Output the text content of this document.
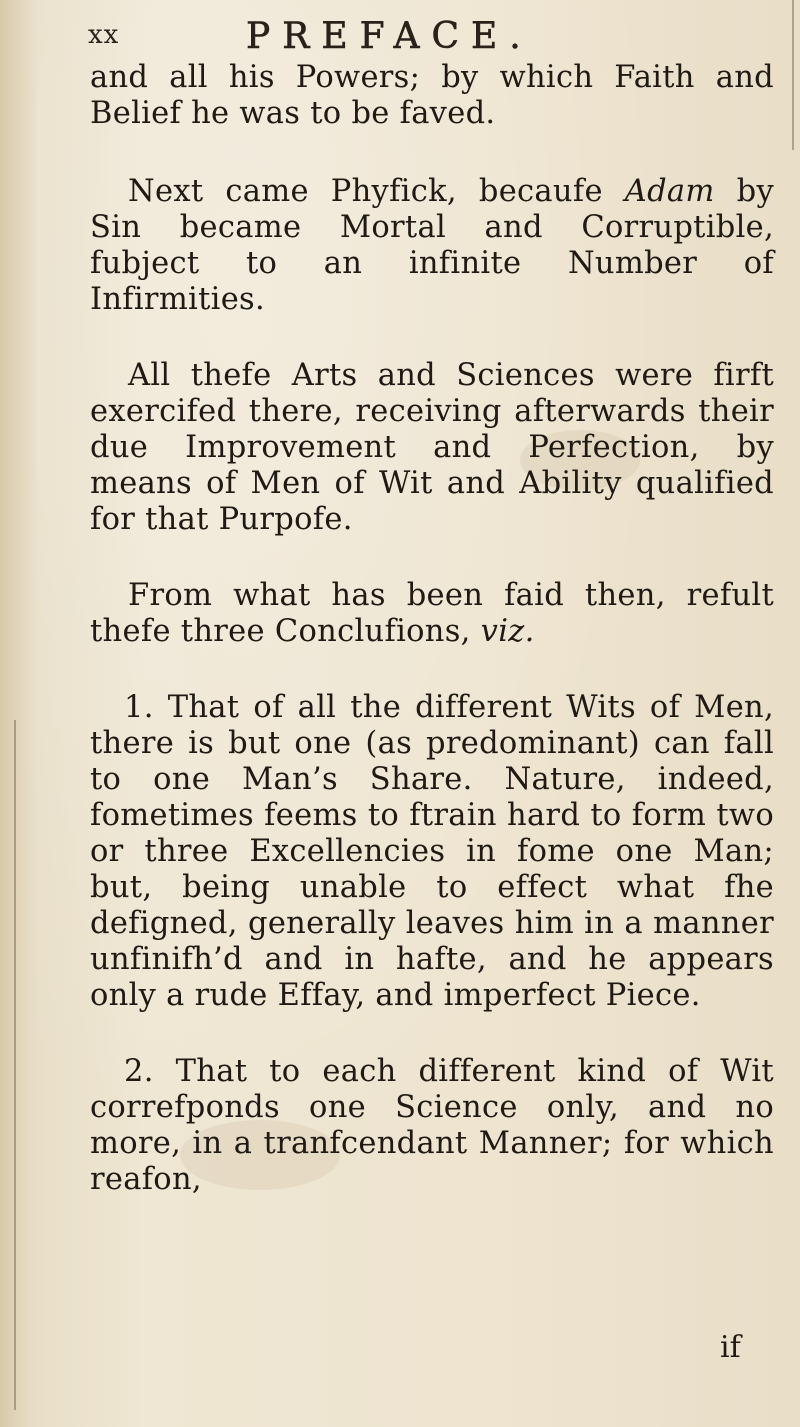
xx	PREFACE.

and all his Powers; by which Faith and Belief he was to be faved.

Next came Phyfick, becaufe Adam by Sin became Mortal and Corruptible, fubject to an infinite Number of Infirmities.

All thefe Arts and Sciences were firft exercifed there, receiving afterwards their due Improvement and Perfection, by means of Men of Wit and Ability qualified for that Purpofe.

From what has been faid then, refult thefe three Conclufions, viz.

1. That of all the different Wits of Men, there is but one (as predominant) can fall to one Man’s Share. Nature, indeed, fometimes feems to ftrain hard to form two or three Excellencies in fome one Man; but, being unable to effect what fhe defigned, generally leaves him in a manner unfinifh’d and in hafte, and he appears only a rude Effay, and imperfect Piece.

2. That to each different kind of Wit correfponds one Science only, and no more, in a tranfcendant Manner; for which reafon,

if
